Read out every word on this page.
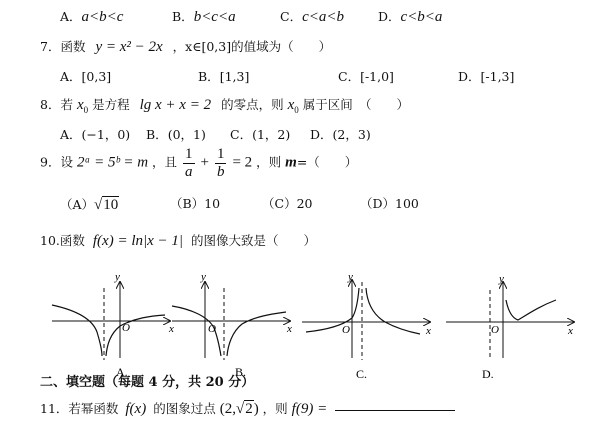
A．a<b<c	B．b<c<a	C．c<a<b	D．c<b<a
7．函数 y = x² − 2x ，x∈[0,3]的值域为（　　）
A．[0,3]	B．[1,3]	C．[-1,0]	D．[-1,3]
8．若 $x_0$ 是方程 lg x + x = 2 的零点，则 $x_0$ 属于区间　（　　）
A．(−1，0) B．(0，1) C．(1，2) D．(2，3)
9．设 2ᵃ = 5ᵇ = m ，且 $\frac{1}{a} + \frac{1}{b} = 2$ ，则 m=（　　）
（A）√10	（B）10	（C）20	（D）100
10.函数 f(x) = ln|x − 1| 的图像大致是（　　）
y
x
O
A.
y
x
O
B.
y
x
O
C.
y
x
O
D.
二、填空题（每题 4 分，共 20 分）
11．若幂函数 f(x) 的图象过点 (2,√2) ，则 f(9) =
